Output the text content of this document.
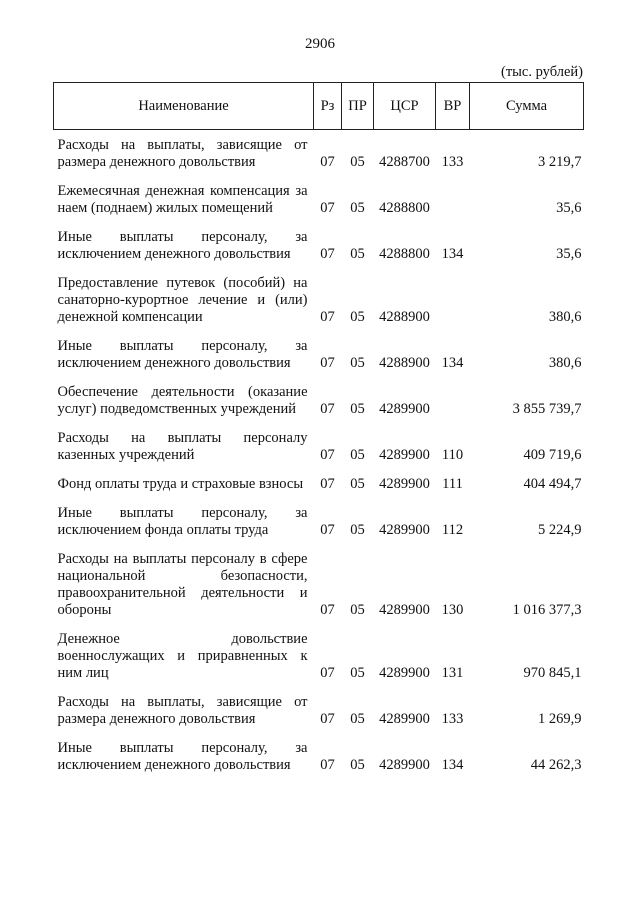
2906
(тыс. рублей)
Наименование	Рз	ПР	ЦСР	ВР	Сумма
Расходы на выплаты, зависящие от размера денежного довольствия	07	05	4288700	133	3 219,7
Ежемесячная денежная компенсация за наем (поднаем) жилых помещений	07	05	4288800		35,6
Иные выплаты персоналу, за исключением денежного довольствия	07	05	4288800	134	35,6
Предоставление путевок (пособий) на санаторно-курортное лечение и (или) денежной компенсации	07	05	4288900		380,6
Иные выплаты персоналу, за исключением денежного довольствия	07	05	4288900	134	380,6
Обеспечение деятельности (оказание услуг) подведомственных учреждений	07	05	4289900		3 855 739,7
Расходы на выплаты персоналу казенных учреждений	07	05	4289900	110	409 719,6
Фонд оплаты труда и страховые взносы	07	05	4289900	111	404 494,7
Иные выплаты персоналу, за исключением фонда оплаты труда	07	05	4289900	112	5 224,9
Расходы на выплаты персоналу в сфере национальной безопасности, правоохранительной деятельности и обороны	07	05	4289900	130	1 016 377,3
Денежное довольствие военнослужащих и приравненных к ним лиц	07	05	4289900	131	970 845,1
Расходы на выплаты, зависящие от размера денежного довольствия	07	05	4289900	133	1 269,9
Иные выплаты персоналу, за исключением денежного довольствия	07	05	4289900	134	44 262,3
